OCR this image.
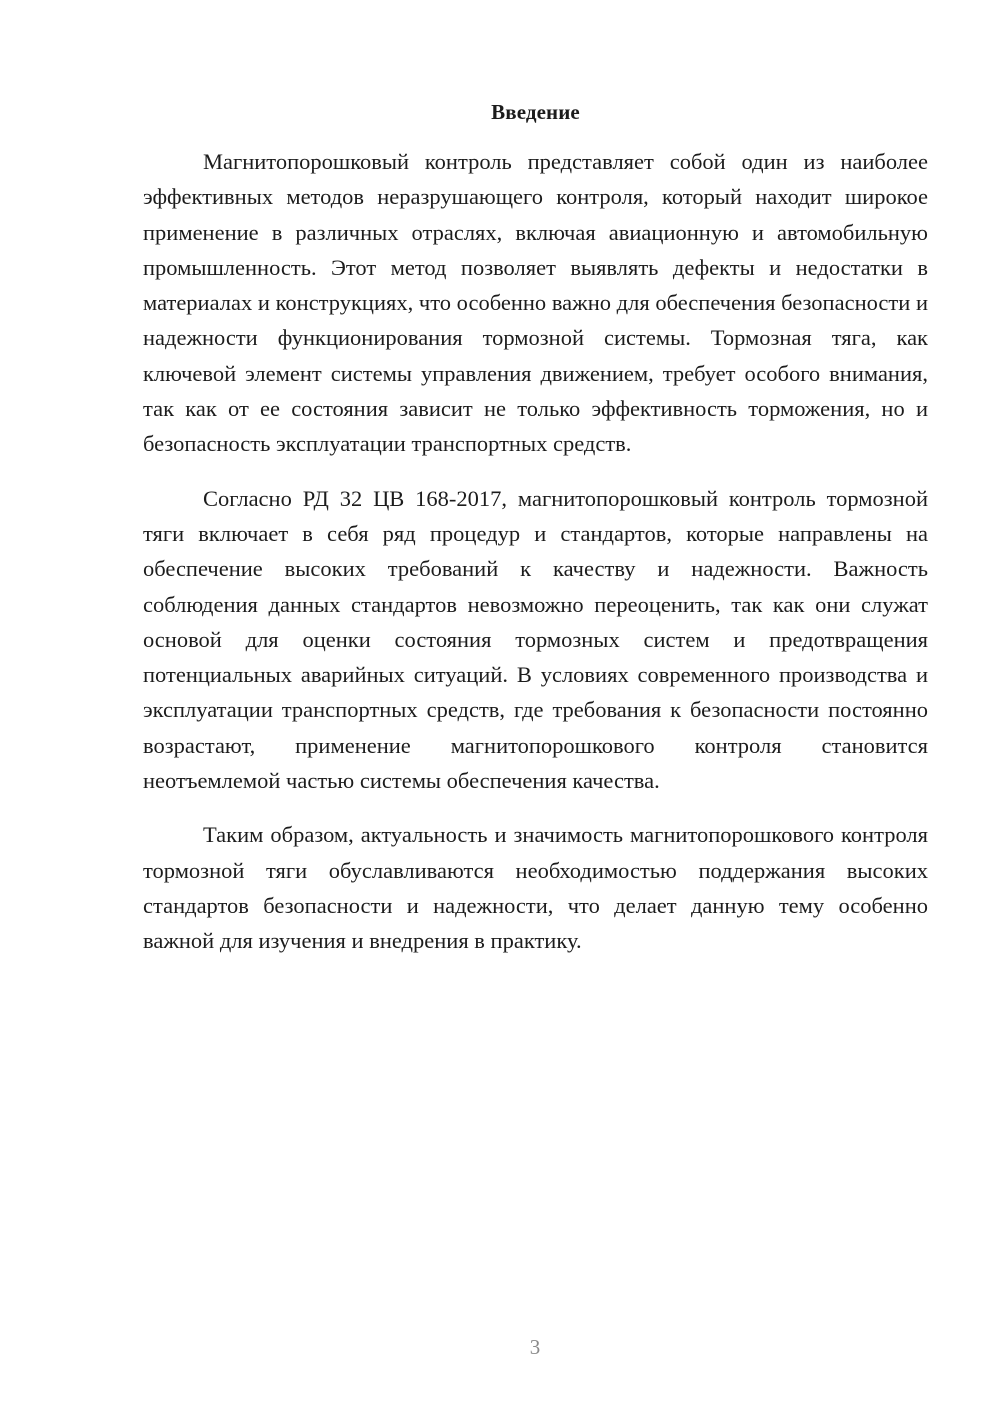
Введение

Магнитопорошковый контроль представляет собой один из наиболее эффективных методов неразрушающего контроля, который находит широкое применение в различных отраслях, включая авиационную и автомобильную промышленность. Этот метод позволяет выявлять дефекты и недостатки в материалах и конструкциях, что особенно важно для обеспечения безопасности и надежности функционирования тормозной системы. Тормозная тяга, как ключевой элемент системы управления движением, требует особого внимания, так как от ее состояния зависит не только эффективность торможения, но и безопасность эксплуатации транспортных средств.

Согласно РД 32 ЦВ 168-2017, магнитопорошковый контроль тормозной тяги включает в себя ряд процедур и стандартов, которые направлены на обеспечение высоких требований к качеству и надежности. Важность соблюдения данных стандартов невозможно переоценить, так как они служат основой для оценки состояния тормозных систем и предотвращения потенциальных аварийных ситуаций. В условиях современного производства и эксплуатации транспортных средств, где требования к безопасности постоянно возрастают, применение магнитопорошкового контроля становится неотъемлемой частью системы обеспечения качества.

Таким образом, актуальность и значимость магнитопорошкового контроля тормозной тяги обуславливаются необходимостью поддержания высоких стандартов безопасности и надежности, что делает данную тему особенно важной для изучения и внедрения в практику.

3
